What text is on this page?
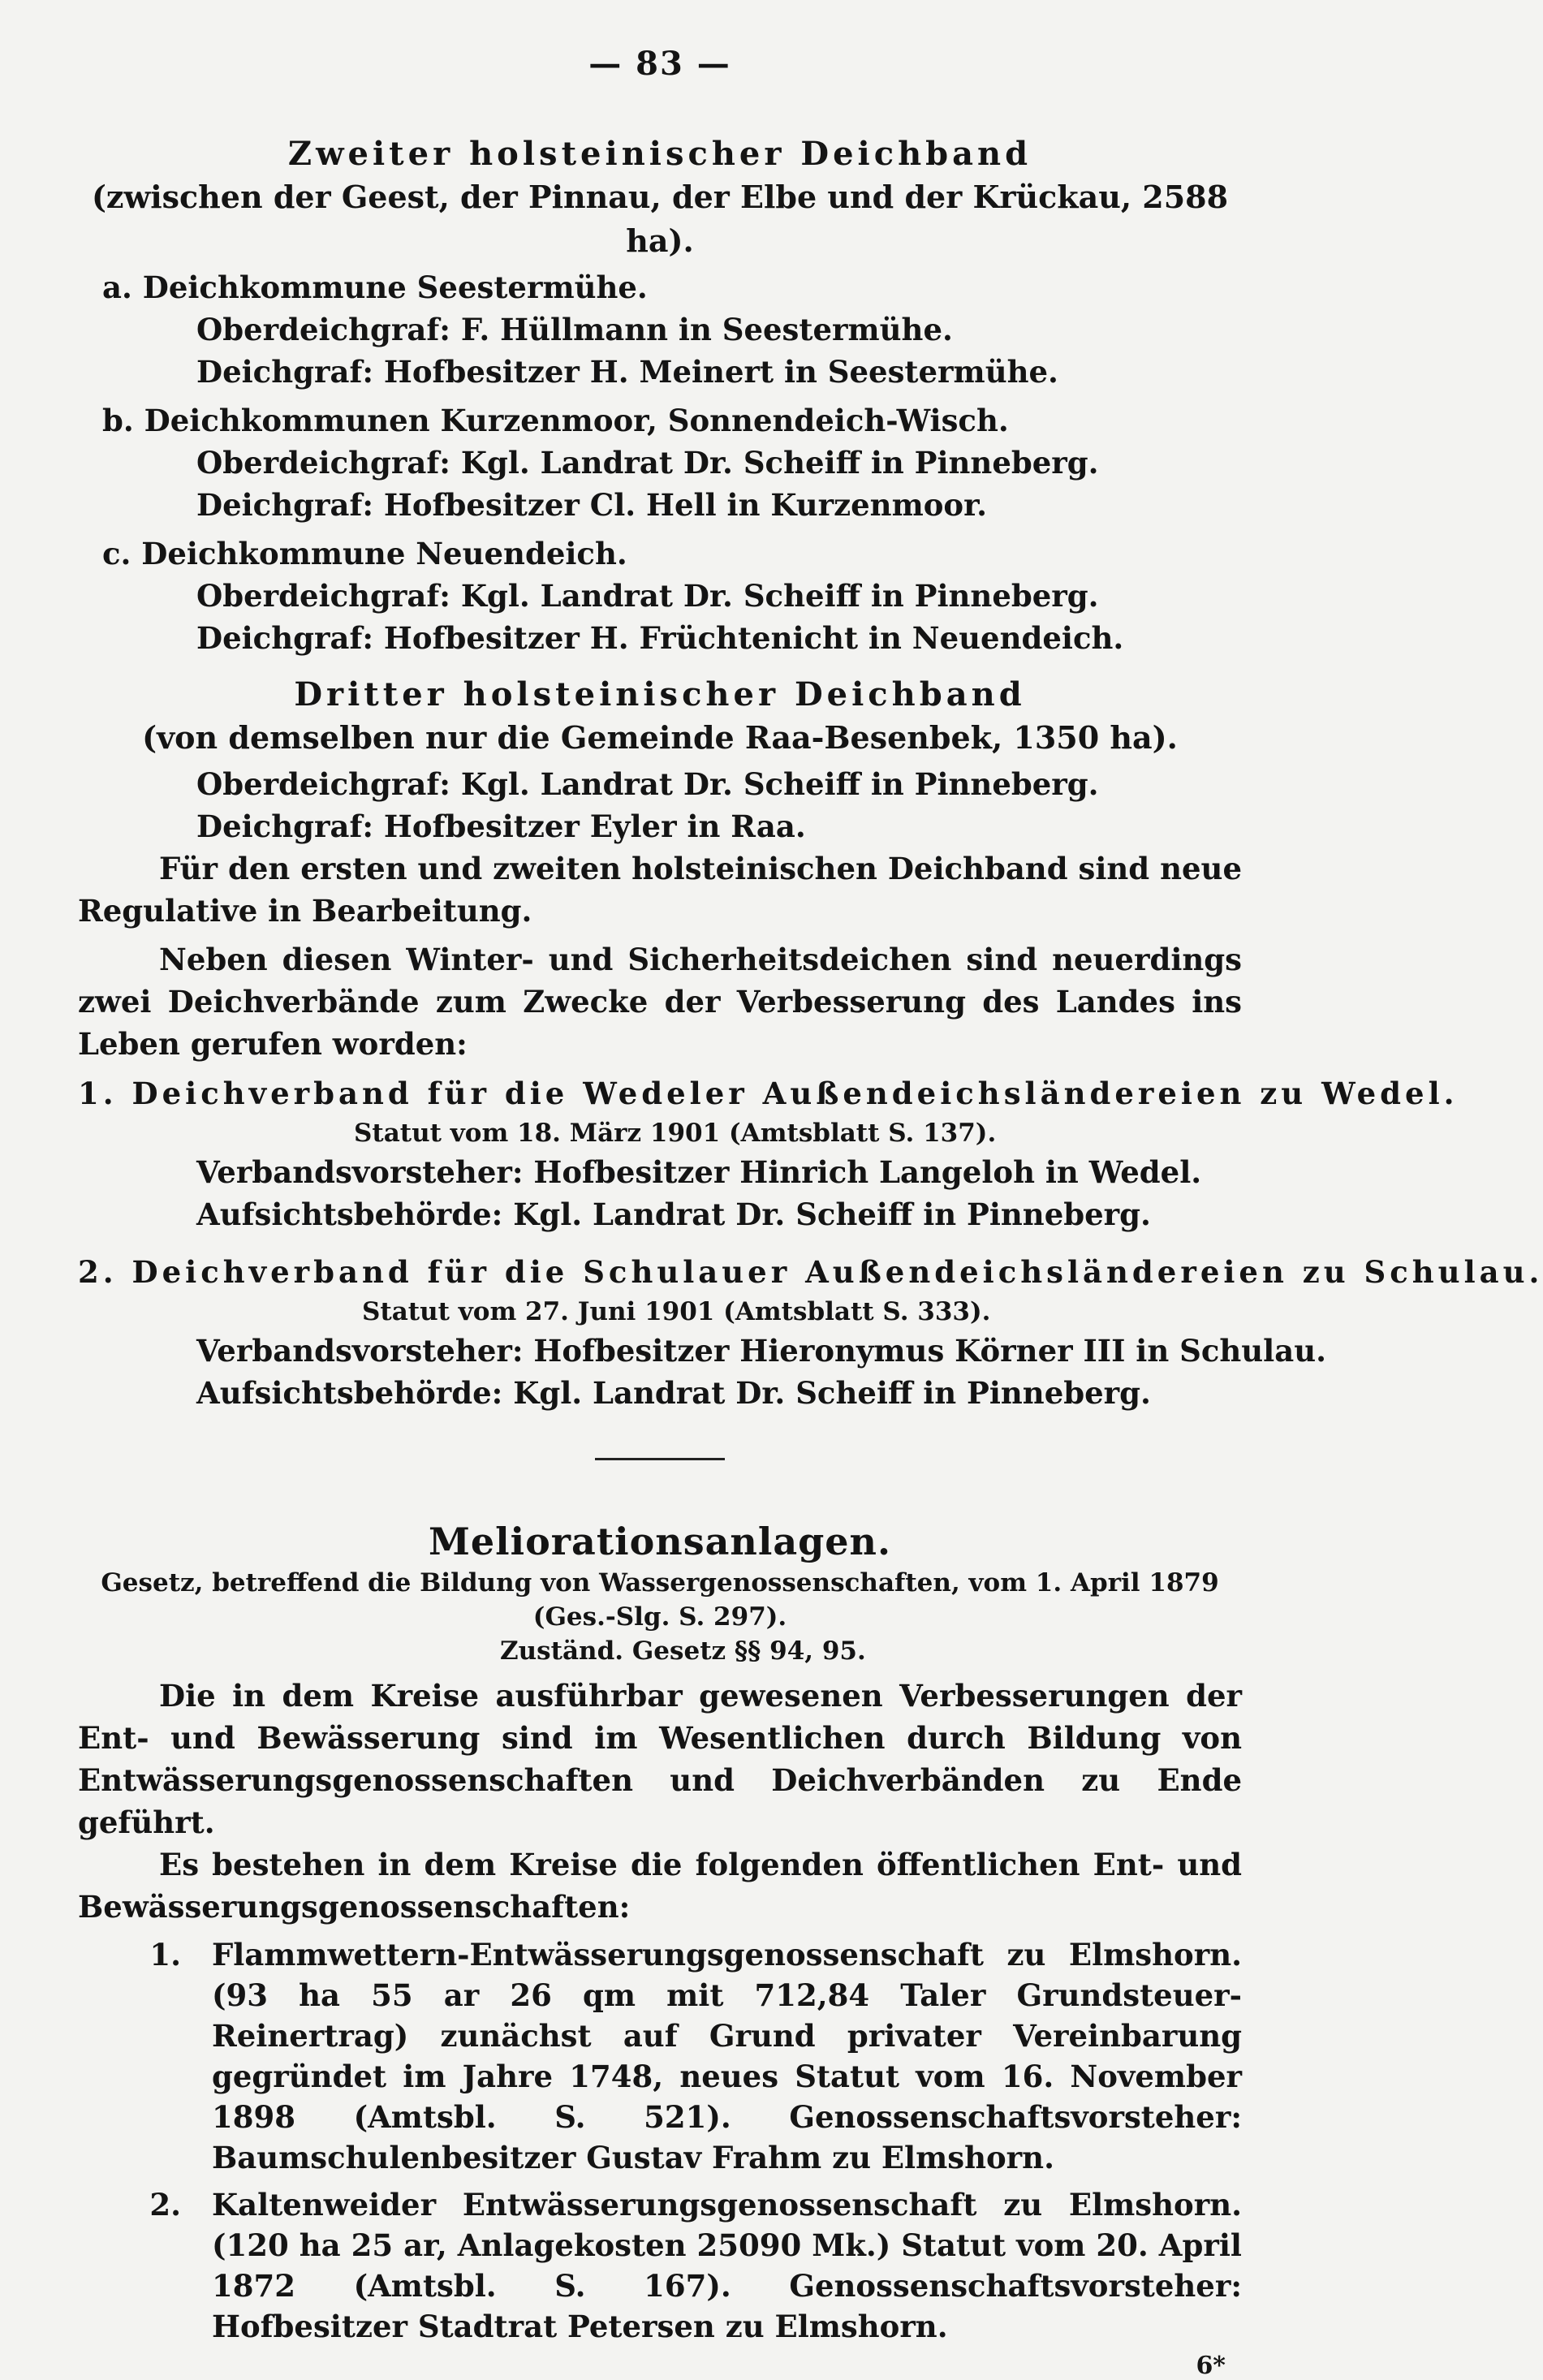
— 83 —
Zweiter holsteinischer Deichband
(zwischen der Geest, der Pinnau, der Elbe und der Krückau, 2588 ha).
a. Deichkommune Seestermühe.
Oberdeichgraf: F. Hüllmann in Seestermühe.
Deichgraf: Hofbesitzer H. Meinert in Seestermühe.
b. Deichkommunen Kurzenmoor, Sonnendeich-Wisch.
Oberdeichgraf: Kgl. Landrat Dr. Scheiff in Pinneberg.
Deichgraf: Hofbesitzer Cl. Hell in Kurzenmoor.
c. Deichkommune Neuendeich.
Oberdeichgraf: Kgl. Landrat Dr. Scheiff in Pinneberg.
Deichgraf: Hofbesitzer H. Früchtenicht in Neuendeich.
Dritter holsteinischer Deichband
(von demselben nur die Gemeinde Raa-Besenbek, 1350 ha).
Oberdeichgraf: Kgl. Landrat Dr. Scheiff in Pinneberg.
Deichgraf: Hofbesitzer Eyler in Raa.
Für den ersten und zweiten holsteinischen Deichband sind neue Regulative in Bearbeitung.
Neben diesen Winter- und Sicherheitsdeichen sind neuerdings zwei Deichverbände zum Zwecke der Verbesserung des Landes ins Leben gerufen worden:
1. Deichverband für die Wedeler Außendeichsländereien zu Wedel.
Statut vom 18. März 1901 (Amtsblatt S. 137).
Verbandsvorsteher: Hofbesitzer Hinrich Langeloh in Wedel.
Aufsichtsbehörde: Kgl. Landrat Dr. Scheiff in Pinneberg.
2. Deichverband für die Schulauer Außendeichsländereien zu Schulau.
Statut vom 27. Juni 1901 (Amtsblatt S. 333).
Verbandsvorsteher: Hofbesitzer Hieronymus Körner III in Schulau.
Aufsichtsbehörde: Kgl. Landrat Dr. Scheiff in Pinneberg.
Meliorationsanlagen.
Gesetz, betreffend die Bildung von Wassergenossenschaften, vom 1. April 1879 (Ges.-Slg. S. 297).
Zuständ. Gesetz §§ 94, 95.
Die in dem Kreise ausführbar gewesenen Verbesserungen der Ent- und Bewässerung sind im Wesentlichen durch Bildung von Entwässerungsgenossenschaften und Deichverbänden zu Ende geführt.
Es bestehen in dem Kreise die folgenden öffentlichen Ent- und Bewässerungsgenossenschaften:
1.	Flammwettern-Entwässerungsgenossenschaft zu Elmshorn. (93 ha 55 ar 26 qm mit 712,84 Taler Grundsteuer-Reinertrag) zunächst auf Grund privater Vereinbarung gegründet im Jahre 1748, neues Statut vom 16. November 1898 (Amtsbl. S. 521). Genossenschaftsvorsteher: Baumschulenbesitzer Gustav Frahm zu Elmshorn.
2.	Kaltenweider Entwässerungsgenossenschaft zu Elmshorn. (120 ha 25 ar, Anlagekosten 25090 Mk.) Statut vom 20. April 1872 (Amtsbl. S. 167). Genossenschaftsvorsteher: Hofbesitzer Stadtrat Petersen zu Elmshorn.
6*
